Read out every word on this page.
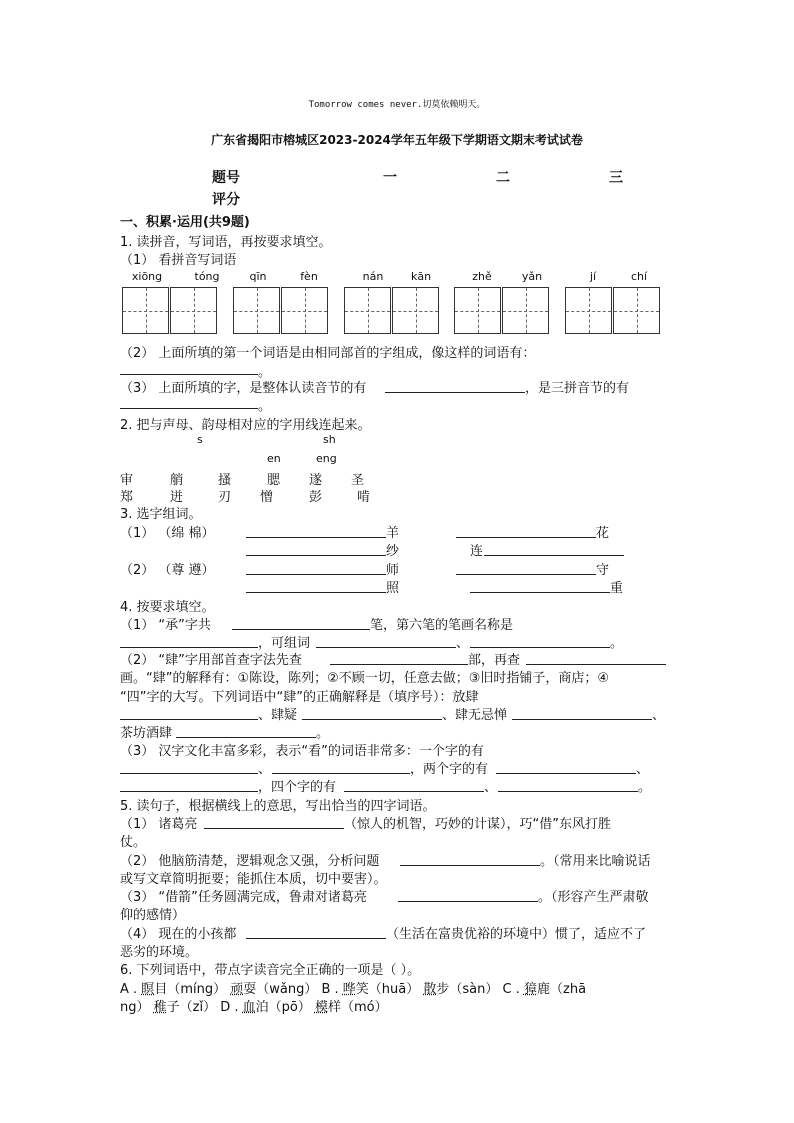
Tomorrow comes never.切莫依赖明天。
广东省揭阳市榕城区2023-2024学年五年级下学期语文期末考试试卷
题号	一	二	三
评分
一、积累·运用(共9题)
1. 读拼音，写词语，再按要求填空。
（1） 看拼音写词语
xiōng	tóng	qīn	fèn	nán	kān	zhě	yǎn	jí	chí
（2） 上面所填的第一个词语是由相同部首的字组成，像这样的词语有：
。
（3） 上面所填的字，是整体认读音节的有	，是三拼音节的有
。
2. 把与声母、韵母相对应的字用线连起来。
s	sh
en	eng
审	艄	搔	腮 遂 圣
郑	迸	刃 憎	彭	啃
3. 选字组词。
（1） （绵 棉）	羊	花
纱	连
（2） （尊 遵）	师	守
照	重
4. 按要求填空。
（1） “承”字共	笔，第六笔的笔画名称是
，可组词	、	。
（2） “肆”字用部首查字法先查	部，再查
画。“肆”的解释有：①陈设，陈列；②不顾一切，任意去做；③旧时指铺子，商店；④
“四”字的大写。下列词语中“肆”的正确解释是（填序号）：放肆
、肆疑	、肆无忌惮	、
茶坊酒肆	。
（3） 汉字文化丰富多彩，表示“看”的词语非常多：一个字的有
、	，两个字的有	、
，四个字的有	、	。
5. 读句子，根据横线上的意思，写出恰当的四字词语。
（1） 诸葛亮	（惊人的机智，巧妙的计谋），巧“借”东风打胜
仗。
（2） 他脑筋清楚，逻辑观念又强，分析问题	。（常用来比喻说话
或写文章简明扼要；能抓住本质，切中要害）。
（3） “借箭”任务圆满完成，鲁肃对诸葛亮	。（形容产生严肃敬
仰的感情）
（4） 现在的小孩都	（生活在富贵优裕的环境中）惯了，适应不了
恶劣的环境。
6. 下列词语中，带点字读音完全正确的一项是（ ）。
A . 瞑目（míng） 顽耍（wǎng） B . 哗笑（huā） 散步（sàn） C . 獐鹿（zhā
ng） 稚子（zǐ） D . 血泊（pō） 模样（mó）
